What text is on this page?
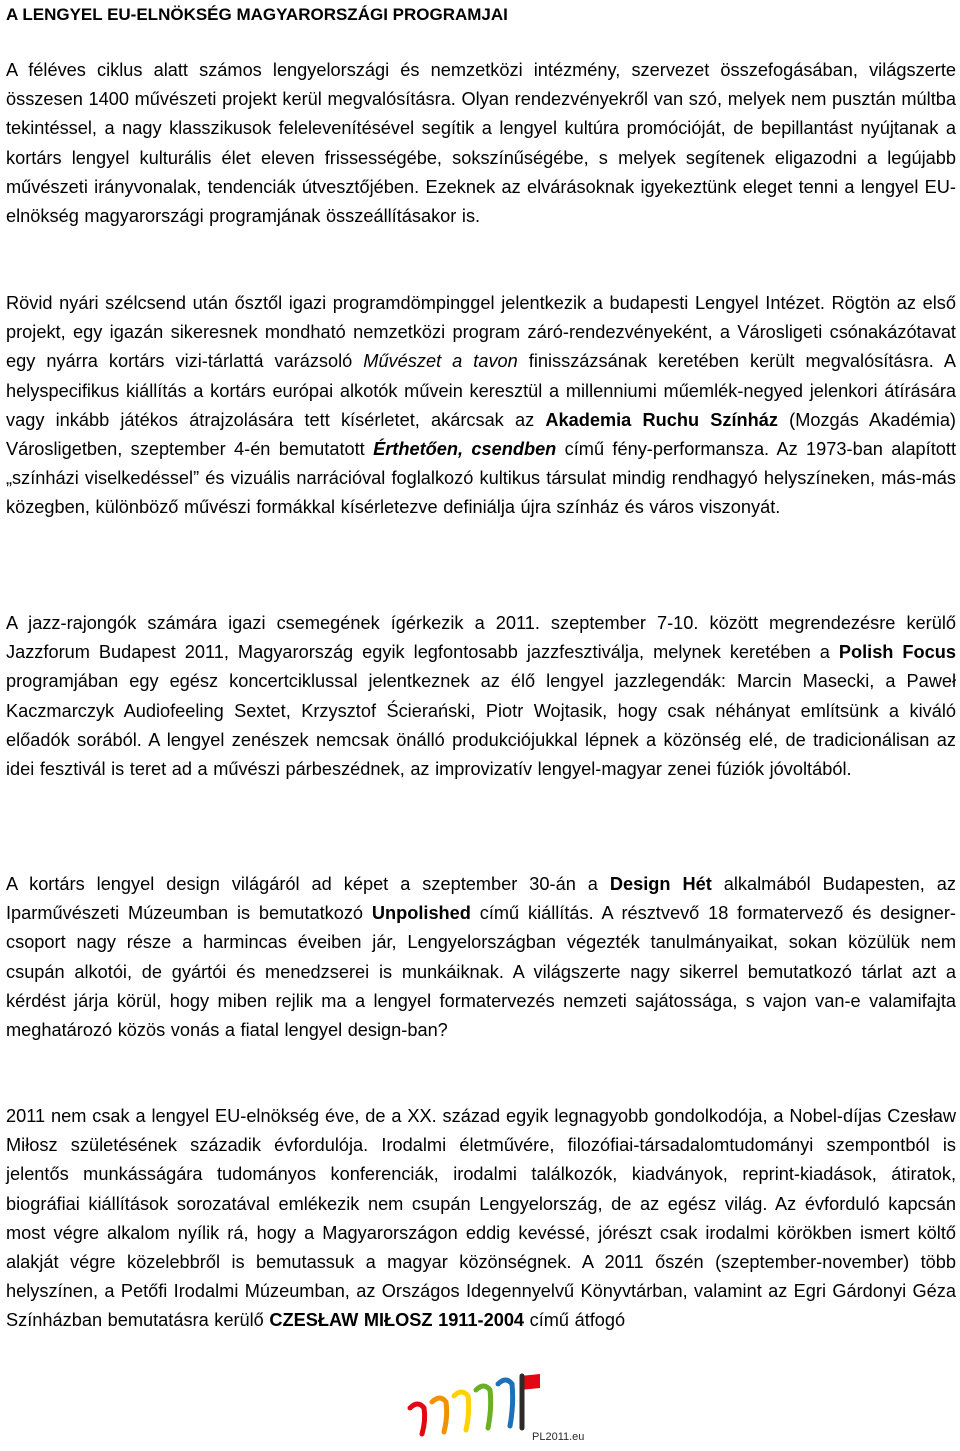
A LENGYEL EU-ELNÖKSÉG MAGYARORSZÁGI PROGRAMJAI

A féléves ciklus alatt számos lengyelországi és nemzetközi intézmény, szervezet összefogásában, világszerte összesen 1400 művészeti projekt kerül megvalósításra. Olyan rendezvényekről van szó, melyek nem pusztán múltba tekintéssel, a nagy klasszikusok felelevenítésével segítik a lengyel kultúra promócióját, de bepillantást nyújtanak a kortárs lengyel kulturális élet eleven frissességébe, sokszínűségébe, s melyek segítenek eligazodni a legújabb művészeti irányvonalak, tendenciák útvesztőjében. Ezeknek az elvárásoknak igyekeztünk eleget tenni a lengyel EU-elnökség magyarországi programjának összeállításakor is.

Rövid nyári szélcsend után ősztől igazi programdömpinggel jelentkezik a budapesti Lengyel Intézet. Rögtön az első projekt, egy igazán sikeresnek mondható nemzetközi program záró-rendezvényeként, a Városligeti csónakázótavat egy nyárra kortárs vizi-tárlattá varázsoló Művészet a tavon finisszázsának keretében került megvalósításra. A helyspecifikus kiállítás a kortárs európai alkotók művein keresztül a millenniumi műemlék-negyed jelenkori átírására vagy inkább játékos átrajzolására tett kísérletet, akárcsak az Akademia Ruchu Színház (Mozgás Akadémia) Városligetben, szeptember 4-én bemutatott Érthetően, csendben című fény-performansza. Az 1973-ban alapított „színházi viselkedéssel” és vizuális narrációval foglalkozó kultikus társulat mindig rendhagyó helyszíneken, más-más közegben, különböző művészi formákkal kísérletezve definiálja újra színház és város viszonyát.

A jazz-rajongók számára igazi csemegének ígérkezik a 2011. szeptember 7-10. között megrendezésre kerülő Jazzforum Budapest 2011, Magyarország egyik legfontosabb jazzfesztiválja, melynek keretében a Polish Focus programjában egy egész koncertciklussal jelentkeznek az élő lengyel jazzlegendák: Marcin Masecki, a Paweł Kaczmarczyk Audiofeeling Sextet, Krzysztof Ścierański, Piotr Wojtasik, hogy csak néhányat említsünk a kiváló előadók sorából. A lengyel zenészek nemcsak önálló produkciójukkal lépnek a közönség elé, de tradicionálisan az idei fesztivál is teret ad a művészi párbeszédnek, az improvizatív lengyel-magyar zenei fúziók jóvoltából.

A kortárs lengyel design világáról ad képet a szeptember 30-án a Design Hét alkalmából Budapesten, az Iparművészeti Múzeumban is bemutatkozó Unpolished című kiállítás. A résztvevő 18 formatervező és designer-csoport nagy része a harmincas éveiben jár, Lengyelországban végezték tanulmányaikat, sokan közülük nem csupán alkotói, de gyártói és menedzserei is munkáiknak. A világszerte nagy sikerrel bemutatkozó tárlat azt a kérdést járja körül, hogy miben rejlik ma a lengyel formatervezés nemzeti sajátossága, s vajon van-e valamifajta meghatározó közös vonás a fiatal lengyel design-ban?

2011 nem csak a lengyel EU-elnökség éve, de a XX. század egyik legnagyobb gondolkodója, a Nobel-díjas Czesław Miłosz születésének századik évfordulója. Irodalmi életművére, filozófiai-társadalomtudományi szempontból is jelentős munkásságára tudományos konferenciák, irodalmi találkozók, kiadványok, reprint-kiadások, átiratok, biográfiai kiállítások sorozatával emlékezik nem csupán Lengyelország, de az egész világ. Az évforduló kapcsán most végre alkalom nyílik rá, hogy a Magyarországon eddig kevéssé, jórészt csak irodalmi körökben ismert költő alakját végre közelebbről is bemutassuk a magyar közönségnek. A 2011 őszén (szeptember-november) több helyszínen, a Petőfi Irodalmi Múzeumban, az Országos Idegennyelvű Könyvtárban, valamint az Egri Gárdonyi Géza Színházban bemutatásra kerülő CZESŁAW MIŁOSZ 1911-2004 című átfogó

PL2011.eu
